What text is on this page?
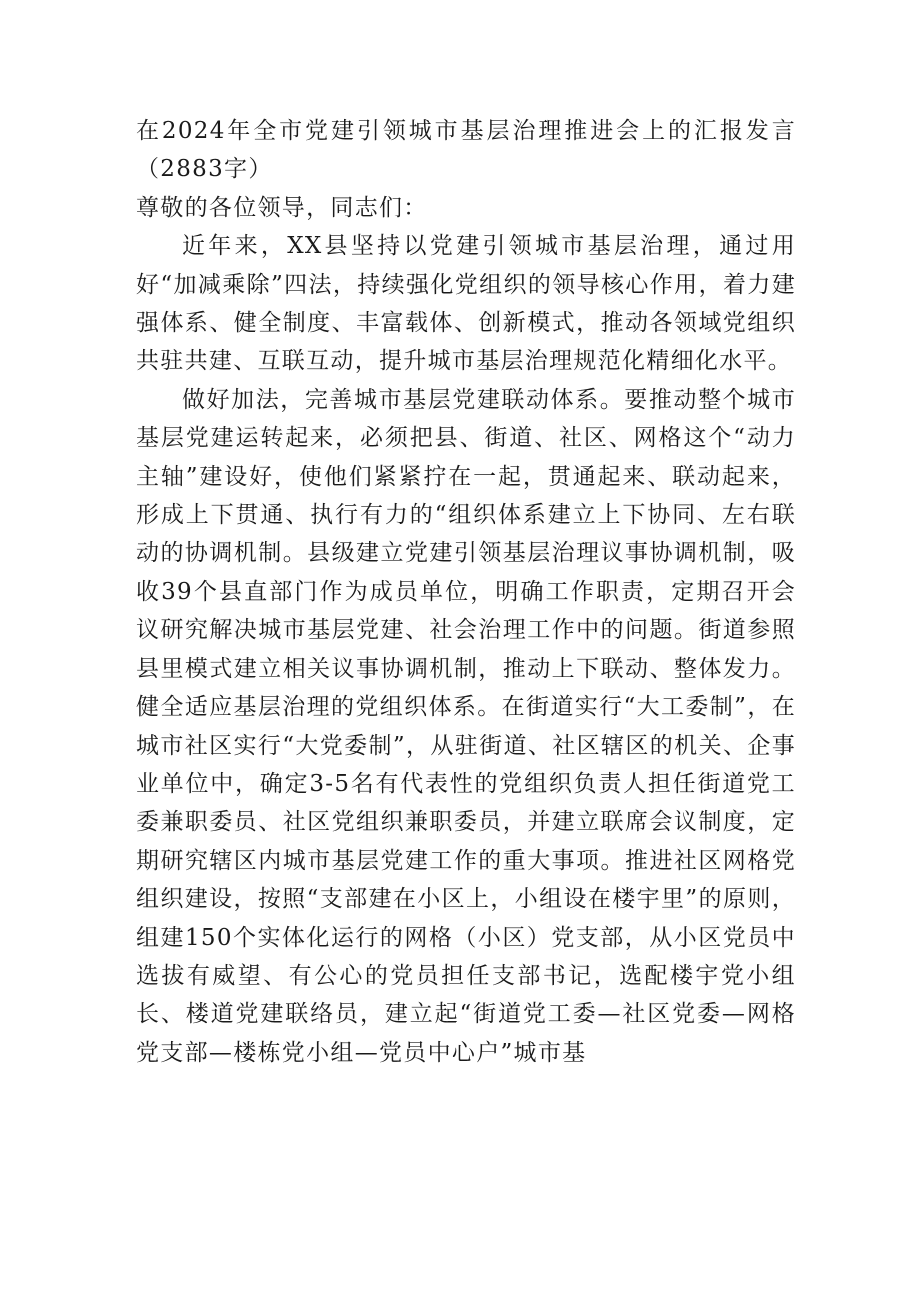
在2024年全市党建引领城市基层治理推进会上的汇报发言（2883字）

尊敬的各位领导，同志们：

近年来，XX县坚持以党建引领城市基层治理，通过用好“加减乘除”四法，持续强化党组织的领导核心作用，着力建强体系、健全制度、丰富载体、创新模式，推动各领域党组织共驻共建、互联互动，提升城市基层治理规范化精细化水平。

做好加法，完善城市基层党建联动体系。要推动整个城市基层党建运转起来，必须把县、街道、社区、网格这个“动力主轴”建设好，使他们紧紧拧在一起，贯通起来、联动起来，形成上下贯通、执行有力的“组织体系建立上下协同、左右联动的协调机制。县级建立党建引领基层治理议事协调机制，吸收39个县直部门作为成员单位，明确工作职责，定期召开会议研究解决城市基层党建、社会治理工作中的问题。街道参照县里模式建立相关议事协调机制，推动上下联动、整体发力。健全适应基层治理的党组织体系。在街道实行“大工委制”，在城市社区实行“大党委制”，从驻街道、社区辖区的机关、企事业单位中，确定3-5名有代表性的党组织负责人担任街道党工委兼职委员、社区党组织兼职委员，并建立联席会议制度，定期研究辖区内城市基层党建工作的重大事项。推进社区网格党组织建设，按照“支部建在小区上，小组设在楼宇里”的原则，组建150个实体化运行的网格（小区）党支部，从小区党员中选拔有威望、有公心的党员担任支部书记，选配楼宇党小组长、楼道党建联络员，建立起“街道党工委—社区党委—网格党支部—楼栋党小组—党员中心户”城市基
